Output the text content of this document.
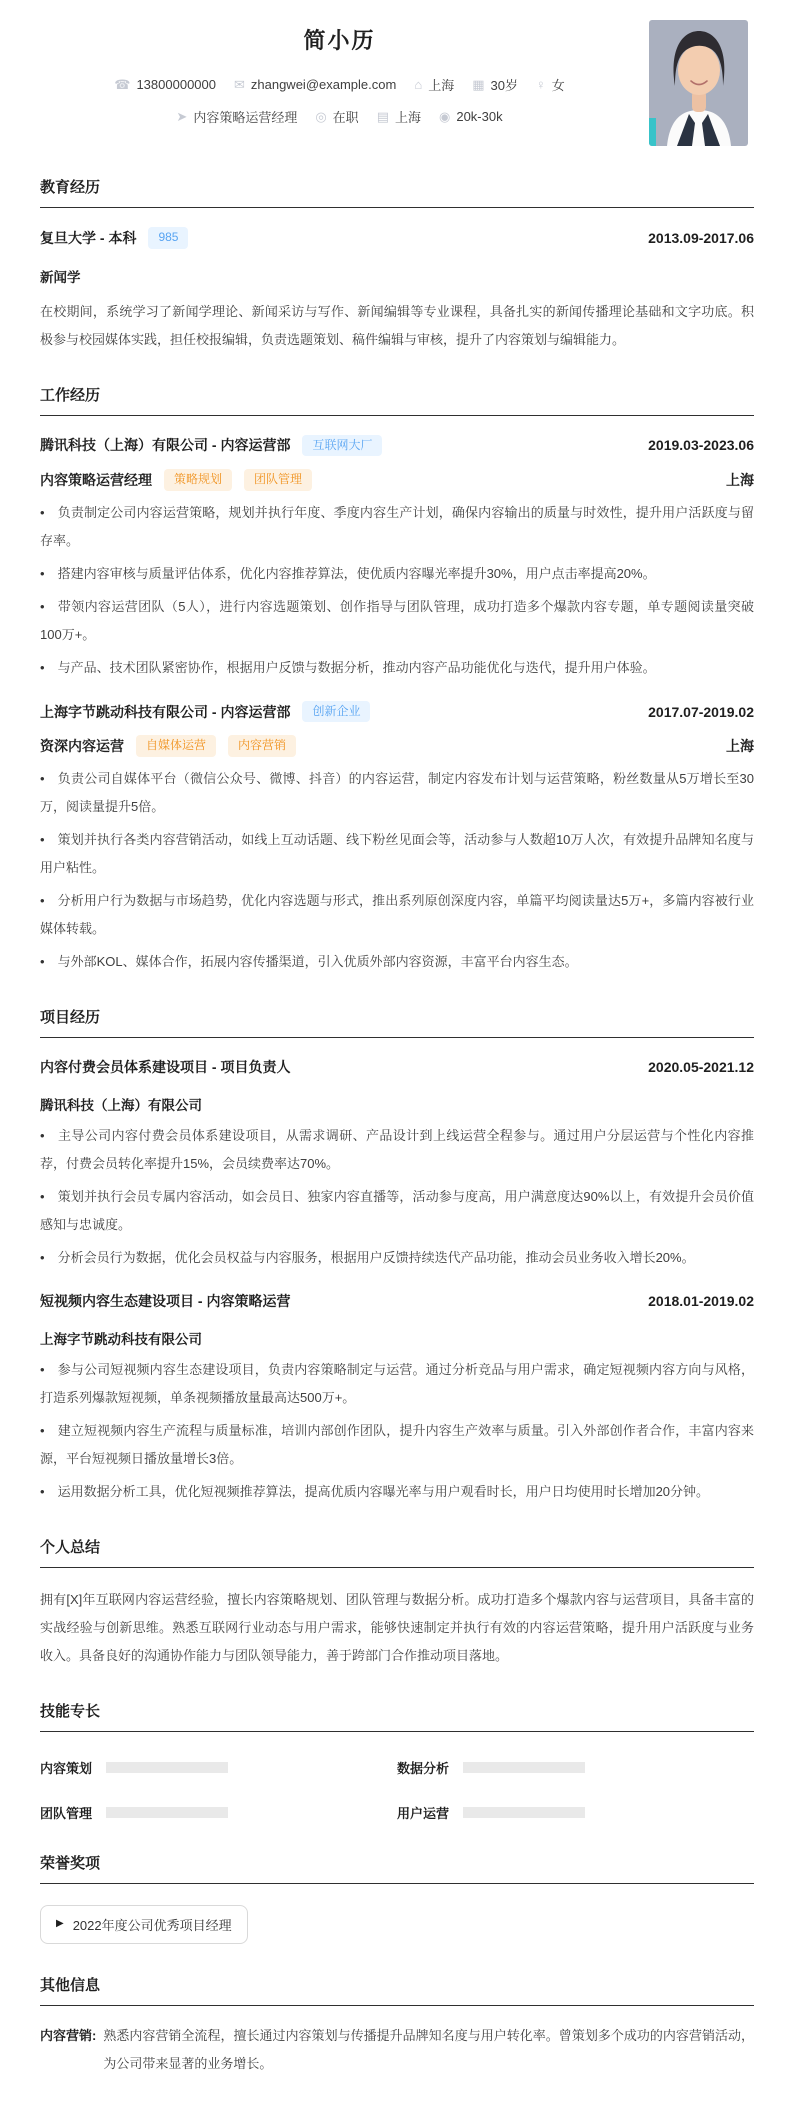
简小历
☎ 13800000000 ✉ zhangwei@example.com ⌂ 上海 ▦ 30岁 ♀ 女
➤ 内容策略运营经理 ◎ 在职 ▤ 上海 ◉ 20k-30k
教育经历
复旦大学 - 本科	985	2013.09-2017.06
新闻学

在校期间，系统学习了新闻学理论、新闻采访与写作、新闻编辑等专业课程，具备扎实的新闻传播理论基础和文字功底。积极参与校园媒体实践，担任校报编辑，负责选题策划、稿件编辑与审核，提升了内容策划与编辑能力。

工作经历
腾讯科技（上海）有限公司 - 内容运营部	互联网大厂	2019.03-2023.06
内容策略运营经理	策略规划	团队管理	上海

• 负责制定公司内容运营策略，规划并执行年度、季度内容生产计划，确保内容输出的质量与时效性，提升用户活跃度与留存率。

• 搭建内容审核与质量评估体系，优化内容推荐算法，使优质内容曝光率提升30%，用户点击率提高20%。

• 带领内容运营团队（5人），进行内容选题策划、创作指导与团队管理，成功打造多个爆款内容专题，单专题阅读量突破100万+。

• 与产品、技术团队紧密协作，根据用户反馈与数据分析，推动内容产品功能优化与迭代，提升用户体验。

上海字节跳动科技有限公司 - 内容运营部	创新企业	2017.07-2019.02
资深内容运营	自媒体运营	内容营销	上海

• 负责公司自媒体平台（微信公众号、微博、抖音）的内容运营，制定内容发布计划与运营策略，粉丝数量从5万增长至30万，阅读量提升5倍。

• 策划并执行各类内容营销活动，如线上互动话题、线下粉丝见面会等，活动参与人数超10万人次，有效提升品牌知名度与用户粘性。

• 分析用户行为数据与市场趋势，优化内容选题与形式，推出系列原创深度内容，单篇平均阅读量达5万+，多篇内容被行业媒体转载。

• 与外部KOL、媒体合作，拓展内容传播渠道，引入优质外部内容资源，丰富平台内容生态。

项目经历
内容付费会员体系建设项目 - 项目负责人	2020.05-2021.12
腾讯科技（上海）有限公司

• 主导公司内容付费会员体系建设项目，从需求调研、产品设计到上线运营全程参与。通过用户分层运营与个性化内容推荐，付费会员转化率提升15%，会员续费率达70%。

• 策划并执行会员专属内容活动，如会员日、独家内容直播等，活动参与度高，用户满意度达90%以上，有效提升会员价值感知与忠诚度。

• 分析会员行为数据，优化会员权益与内容服务，根据用户反馈持续迭代产品功能，推动会员业务收入增长20%。

短视频内容生态建设项目 - 内容策略运营	2018.01-2019.02
上海字节跳动科技有限公司

• 参与公司短视频内容生态建设项目，负责内容策略制定与运营。通过分析竞品与用户需求，确定短视频内容方向与风格，打造系列爆款短视频，单条视频播放量最高达500万+。

• 建立短视频内容生产流程与质量标准，培训内部创作团队，提升内容生产效率与质量。引入外部创作者合作，丰富内容来源，平台短视频日播放量增长3倍。

• 运用数据分析工具，优化短视频推荐算法，提高优质内容曝光率与用户观看时长，用户日均使用时长增加20分钟。

个人总结

拥有[X]年互联网内容运营经验，擅长内容策略规划、团队管理与数据分析。成功打造多个爆款内容与运营项目，具备丰富的实战经验与创新思维。熟悉互联网行业动态与用户需求，能够快速制定并执行有效的内容运营策略，提升用户活跃度与业务收入。具备良好的沟通协作能力与团队领导能力，善于跨部门合作推动项目落地。

技能专长
内容策划	数据分析
团队管理	用户运营
荣誉奖项
▶ 2022年度公司优秀项目经理
其他信息
内容营销: 熟悉内容营销全流程，擅长通过内容策划与传播提升品牌知名度与用户转化率。曾策划多个成功的内容营销活动，为公司带来显著的业务增长。
